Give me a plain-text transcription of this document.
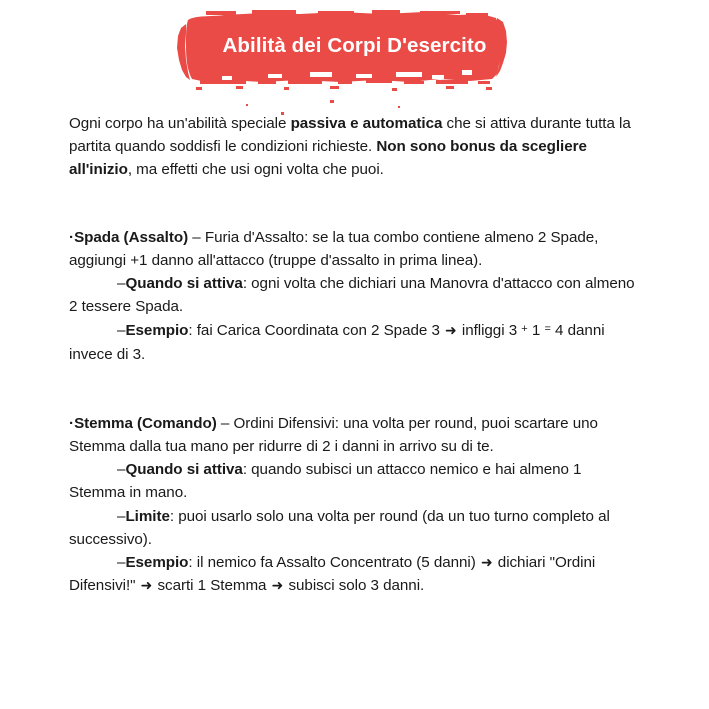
Abilità dei Corpi D'esercito

Ogni corpo ha un'abilità speciale passiva e automatica che si attiva durante tutta la partita quando soddisfi le condizioni richieste. Non sono bonus da scegliere all'inizio, ma effetti che usi ogni volta che puoi.

·Spada (Assalto) – Furia d'Assalto: se la tua combo contiene almeno 2 Spade, aggiungi +1 danno all'attacco (truppe d'assalto in prima linea).

–Quando si attiva: ogni volta che dichiari una Manovra d'attacco con almeno 2 tessere Spada.

–Esempio: fai Carica Coordinata con 2 Spade 3 ➜ infliggi 3 + 1 = 4 danni invece di 3.

·Stemma (Comando) – Ordini Difensivi: una volta per round, puoi scartare uno Stemma dalla tua mano per ridurre di 2 i danni in arrivo su di te.

–Quando si attiva: quando subisci un attacco nemico e hai almeno 1 Stemma in mano.

–Limite: puoi usarlo solo una volta per round (da un tuo turno completo al successivo).

–Esempio: il nemico fa Assalto Concentrato (5 danni) ➜ dichiari "Ordini Difensivi!" ➜ scarti 1 Stemma ➜ subisci solo 3 danni.
